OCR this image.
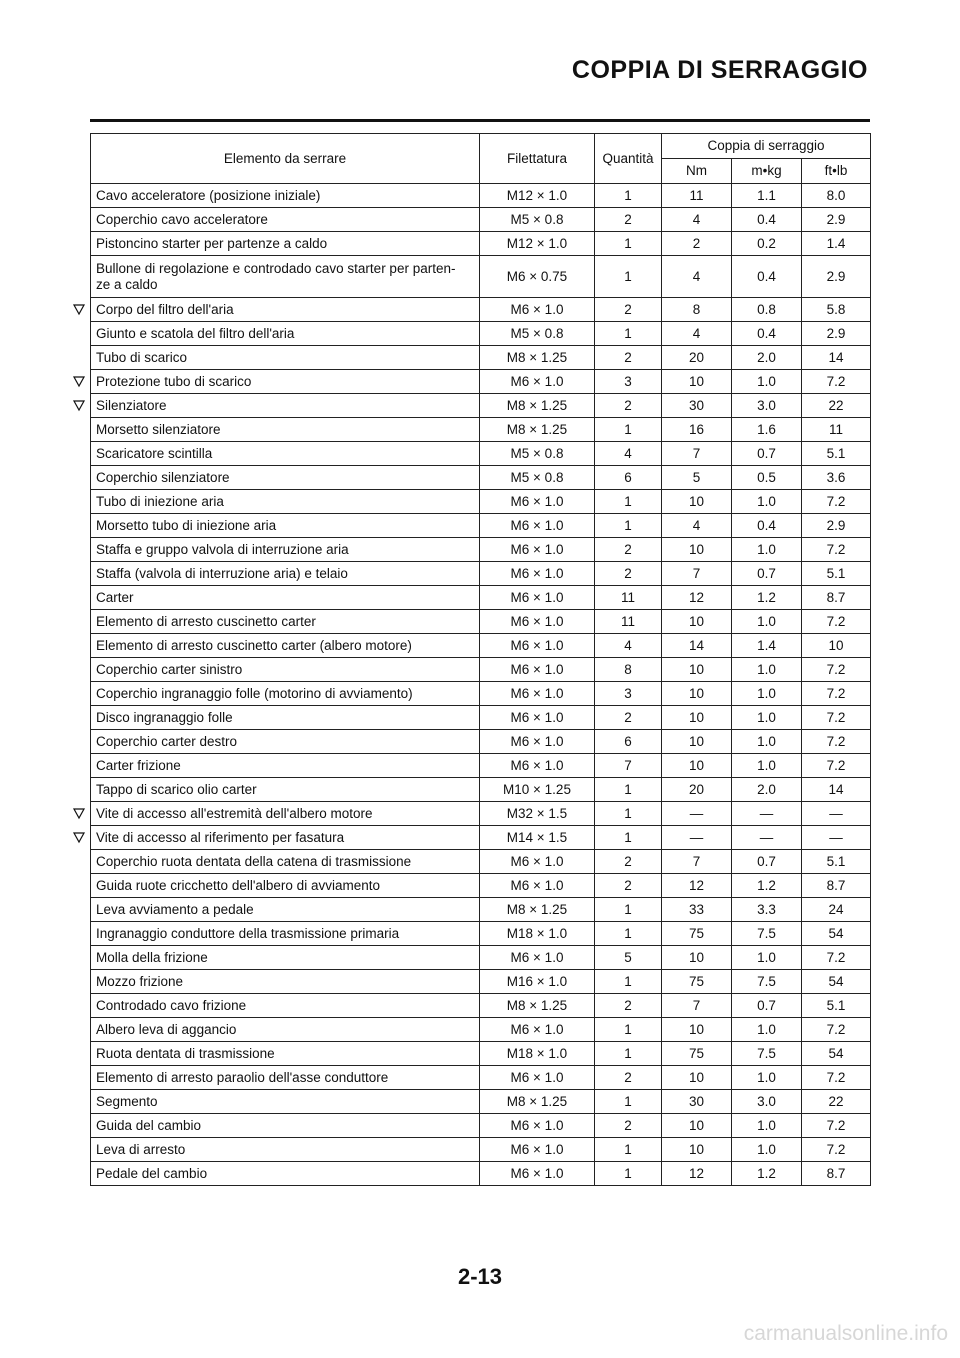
COPPIA DI SERRAGGIO
Elemento da serrare	Filettatura	Quantità	Coppia di serraggio		
			Nm	m•kg	ft•lb
Cavo acceleratore (posizione iniziale)	M12 × 1.0	1	11	1.1	8.0
Coperchio cavo acceleratore	M5 × 0.8	2	4	0.4	2.9
Pistoncino starter per partenze a caldo	M12 × 1.0	1	2	0.2	1.4
Bullone di regolazione e controdado cavo starter per parten-
ze a caldo	M6 × 0.75	1	4	0.4	2.9
Corpo del filtro dell'aria	M6 × 1.0	2	8	0.8	5.8
Giunto e scatola del filtro dell'aria	M5 × 0.8	1	4	0.4	2.9
Tubo di scarico	M8 × 1.25	2	20	2.0	14
Protezione tubo di scarico	M6 × 1.0	3	10	1.0	7.2
Silenziatore	M8 × 1.25	2	30	3.0	22
Morsetto silenziatore	M8 × 1.25	1	16	1.6	11
Scaricatore scintilla	M5 × 0.8	4	7	0.7	5.1
Coperchio silenziatore	M5 × 0.8	6	5	0.5	3.6
Tubo di iniezione aria	M6 × 1.0	1	10	1.0	7.2
Morsetto tubo di iniezione aria	M6 × 1.0	1	4	0.4	2.9
Staffa e gruppo valvola di interruzione aria	M6 × 1.0	2	10	1.0	7.2
Staffa (valvola di interruzione aria) e telaio	M6 × 1.0	2	7	0.7	5.1
Carter	M6 × 1.0	11	12	1.2	8.7
Elemento di arresto cuscinetto carter	M6 × 1.0	11	10	1.0	7.2
Elemento di arresto cuscinetto carter (albero motore)	M6 × 1.0	4	14	1.4	10
Coperchio carter sinistro	M6 × 1.0	8	10	1.0	7.2
Coperchio ingranaggio folle (motorino di avviamento)	M6 × 1.0	3	10	1.0	7.2
Disco ingranaggio folle	M6 × 1.0	2	10	1.0	7.2
Coperchio carter destro	M6 × 1.0	6	10	1.0	7.2
Carter frizione	M6 × 1.0	7	10	1.0	7.2
Tappo di scarico olio carter	M10 × 1.25	1	20	2.0	14
Vite di accesso all'estremità dell'albero motore	M32 × 1.5	1	—	—	—
Vite di accesso al riferimento per fasatura	M14 × 1.5	1	—	—	—
Coperchio ruota dentata della catena di trasmissione	M6 × 1.0	2	7	0.7	5.1
Guida ruote cricchetto dell'albero di avviamento	M6 × 1.0	2	12	1.2	8.7
Leva avviamento a pedale	M8 × 1.25	1	33	3.3	24
Ingranaggio conduttore della trasmissione primaria	M18 × 1.0	1	75	7.5	54
Molla della frizione	M6 × 1.0	5	10	1.0	7.2
Mozzo frizione	M16 × 1.0	1	75	7.5	54
Controdado cavo frizione	M8 × 1.25	2	7	0.7	5.1
Albero leva di aggancio	M6 × 1.0	1	10	1.0	7.2
Ruota dentata di trasmissione	M18 × 1.0	1	75	7.5	54
Elemento di arresto paraolio dell'asse conduttore	M6 × 1.0	2	10	1.0	7.2
Segmento	M8 × 1.25	1	30	3.0	22
Guida del cambio	M6 × 1.0	2	10	1.0	7.2
Leva di arresto	M6 × 1.0	1	10	1.0	7.2
Pedale del cambio	M6 × 1.0	1	12	1.2	8.7
2-13
carmanualsonline.info
